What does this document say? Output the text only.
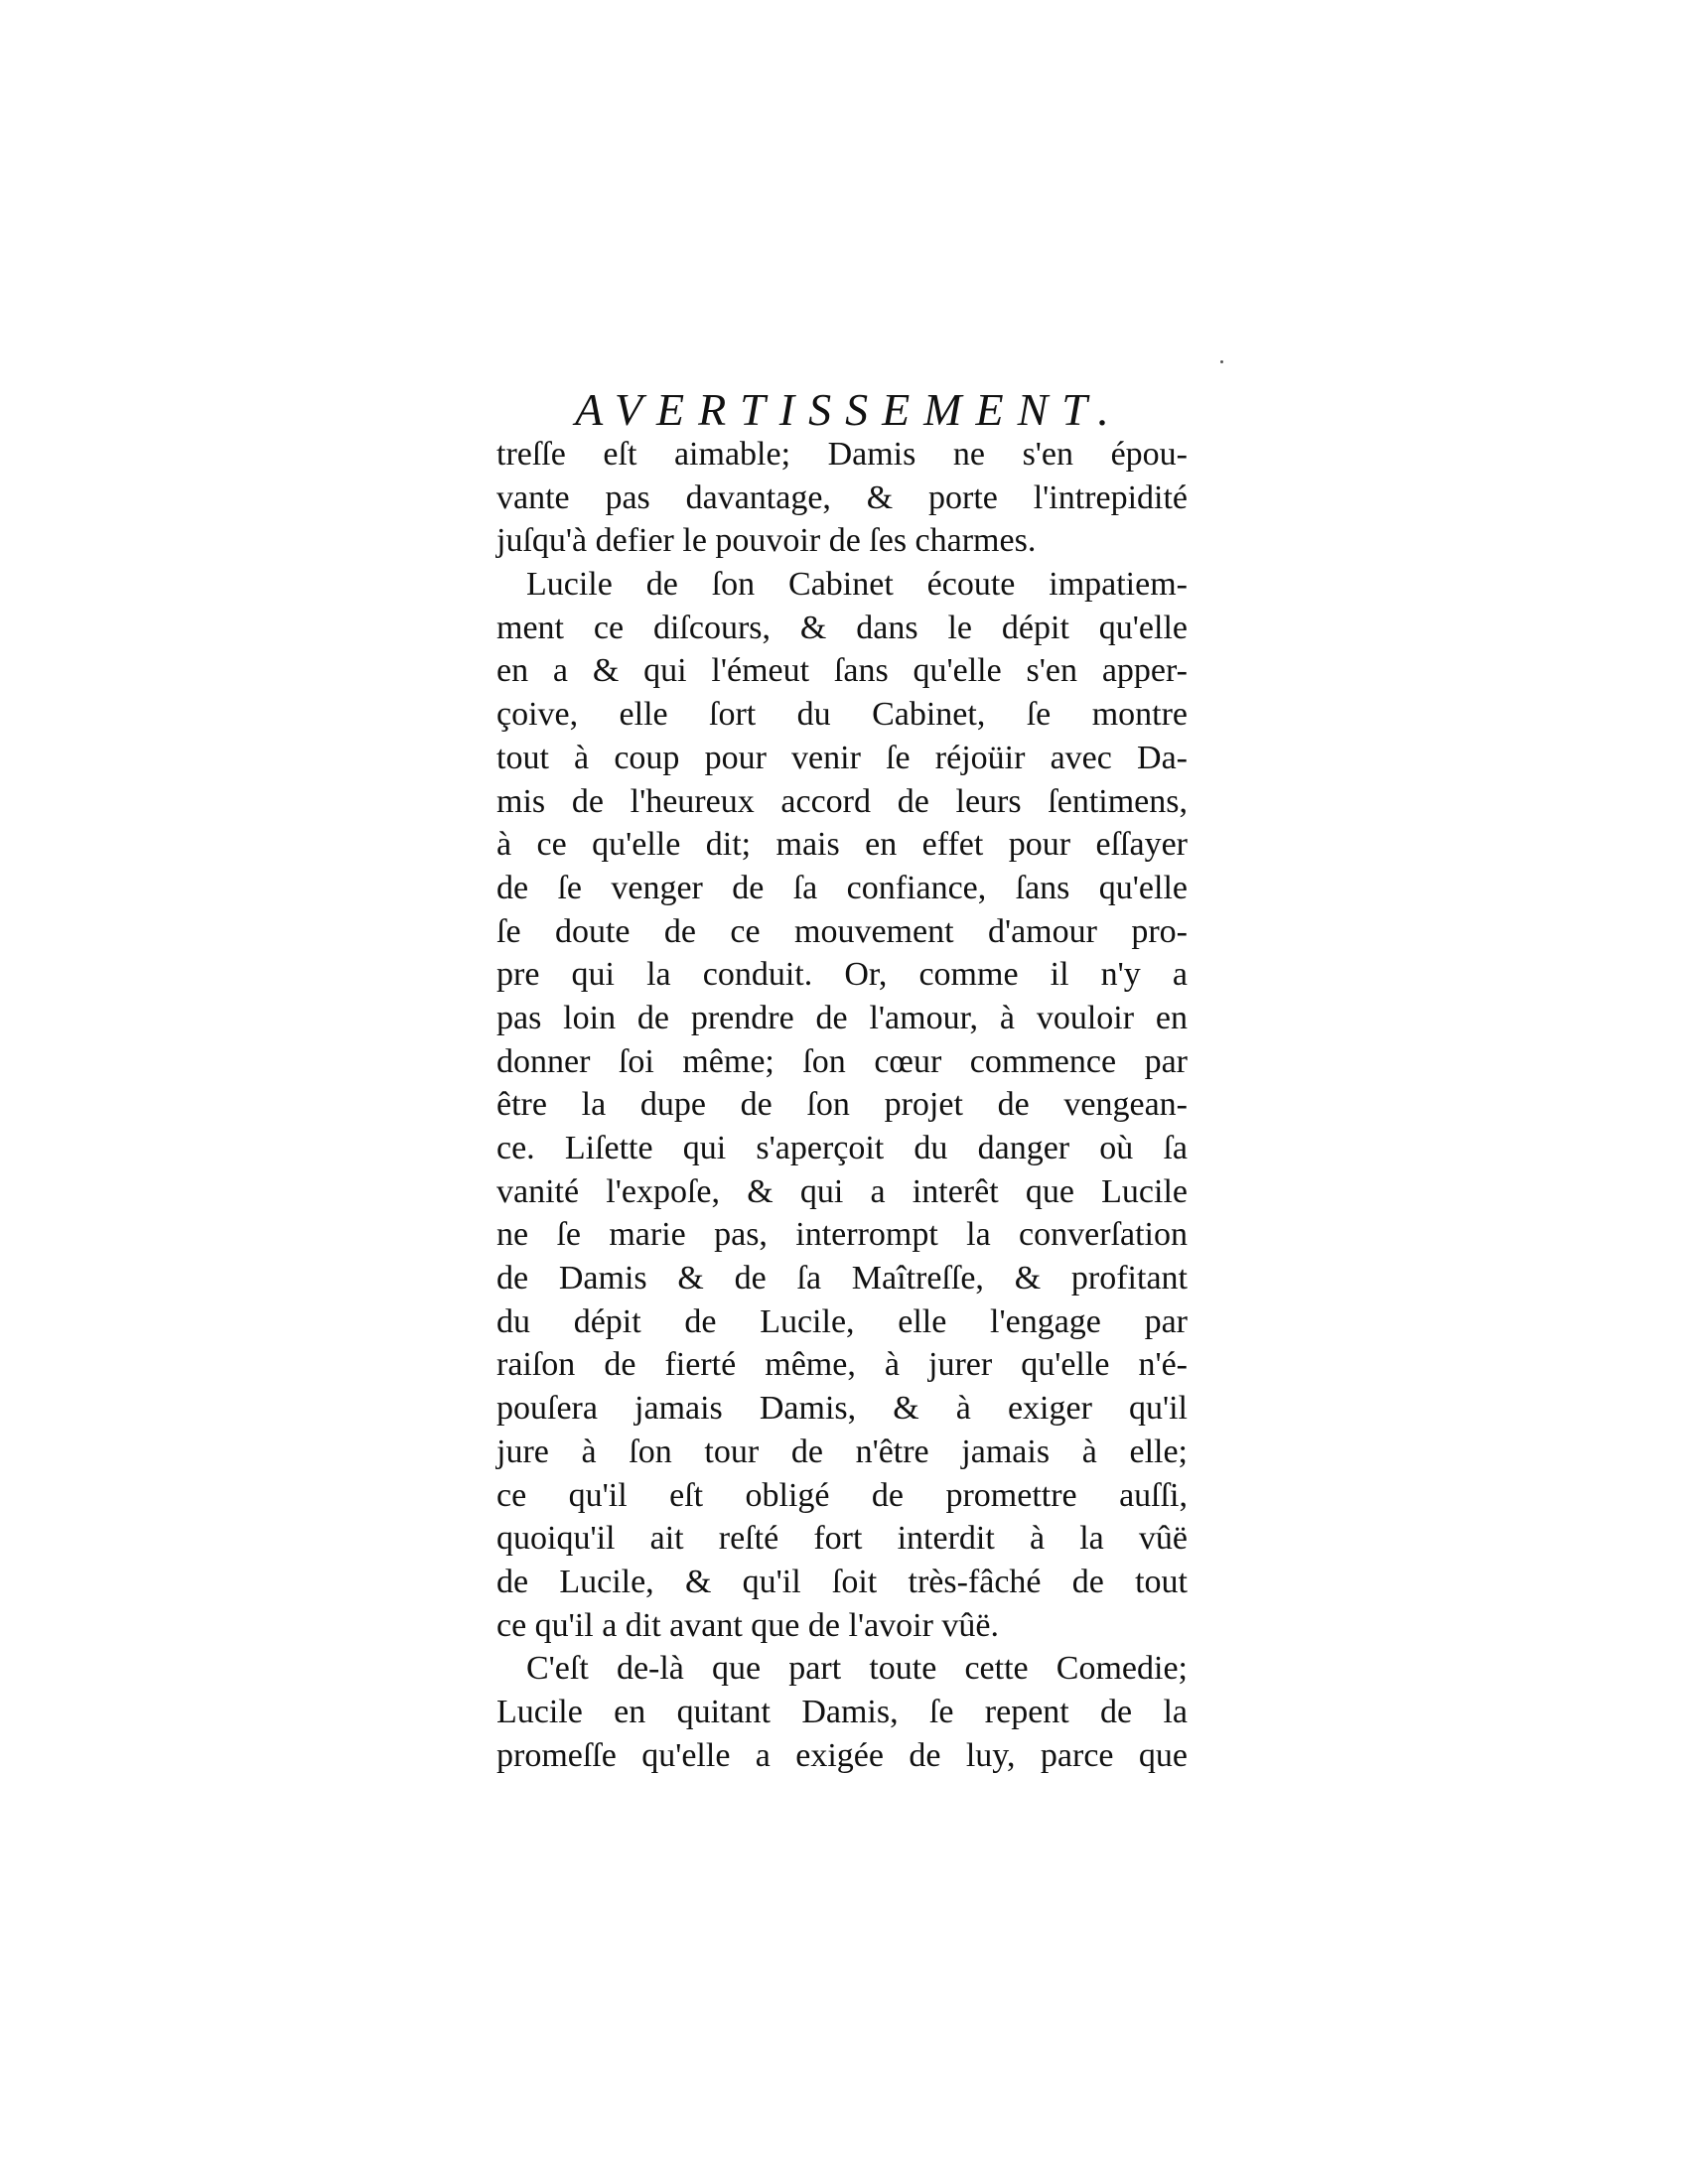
AVERTISSEMENT.
treſſe eſt aimable; Damis ne s'en épou-
vante pas davantage, & porte l'intrepidité
juſqu'à defier le pouvoir de ſes charmes.
Lucile de ſon Cabinet écoute impatiem-
ment ce diſcours, & dans le dépit qu'elle
en a & qui l'émeut ſans qu'elle s'en apper-
çoive, elle ſort du Cabinet, ſe montre
tout à coup pour venir ſe réjoüir avec Da-
mis de l'heureux accord de leurs ſentimens,
à ce qu'elle dit; mais en effet pour eſſayer
de ſe venger de ſa confiance, ſans qu'elle
ſe doute de ce mouvement d'amour pro-
pre qui la conduit. Or, comme il n'y a
pas loin de prendre de l'amour, à vouloir en
donner ſoi même; ſon cœur commence par
être la dupe de ſon projet de vengean-
ce. Liſette qui s'aperçoit du danger où ſa
vanité l'expoſe, & qui a interêt que Lucile
ne ſe marie pas, interrompt la converſation
de Damis & de ſa Maîtreſſe, & profitant
du dépit de Lucile, elle l'engage par
raiſon de fierté même, à jurer qu'elle n'é-
pouſera jamais Damis, & à exiger qu'il
jure à ſon tour de n'être jamais à elle;
ce qu'il eſt obligé de promettre auſſi,
quoiqu'il ait reſté fort interdit à la vûë
de Lucile, & qu'il ſoit très-fâché de tout
ce qu'il a dit avant que de l'avoir vûë.
C'eſt de-là que part toute cette Comedie;
Lucile en quitant Damis, ſe repent de la
promeſſe qu'elle a exigée de luy, parce que
